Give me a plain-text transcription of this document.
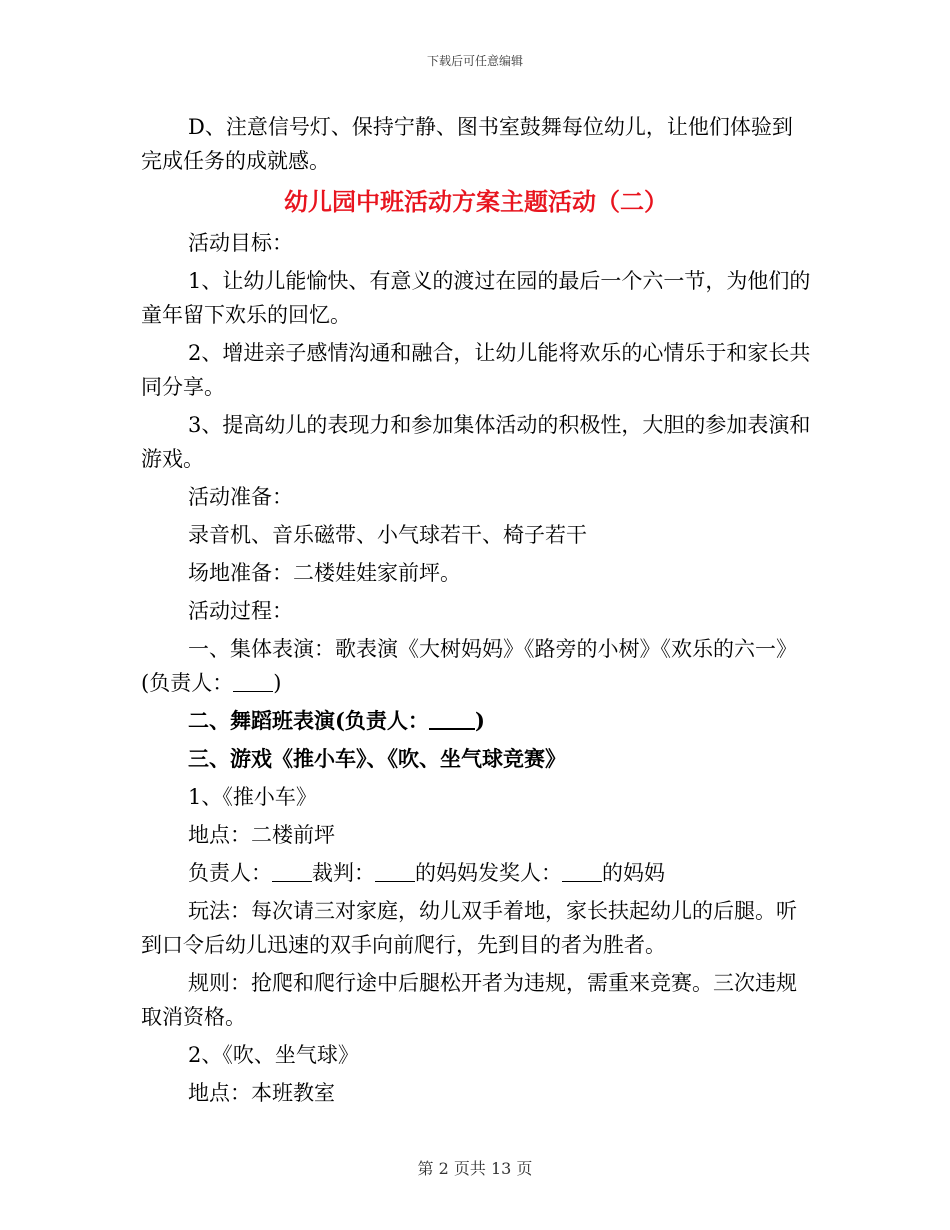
下载后可任意编辑

D、注意信号灯、保持宁静、图书室鼓舞每位幼儿，让他们体验到完成任务的成就感。

幼儿园中班活动方案主题活动（二）

活动目标：

1、让幼儿能愉快、有意义的渡过在园的最后一个六一节，为他们的童年留下欢乐的回忆。

2、增进亲子感情沟通和融合，让幼儿能将欢乐的心情乐于和家长共同分享。

3、提高幼儿的表现力和参加集体活动的积极性，大胆的参加表演和游戏。

活动准备：

录音机、音乐磁带、小气球若干、椅子若干

场地准备：二楼娃娃家前坪。

活动过程：

一、集体表演：歌表演《大树妈妈》《路旁的小树》《欢乐的六一》(负责人： )

二、舞蹈班表演(负责人： )

三、游戏《推小车》、《吹、坐气球竞赛》

1、《推小车》

地点：二楼前坪

负责人： 裁判： 的妈妈发奖人： 的妈妈

玩法：每次请三对家庭，幼儿双手着地，家长扶起幼儿的后腿。听到口令后幼儿迅速的双手向前爬行，先到目的者为胜者。

规则：抢爬和爬行途中后腿松开者为违规，需重来竞赛。三次违规取消资格。

2、《吹、坐气球》

地点：本班教室

第 2 页共 13 页
